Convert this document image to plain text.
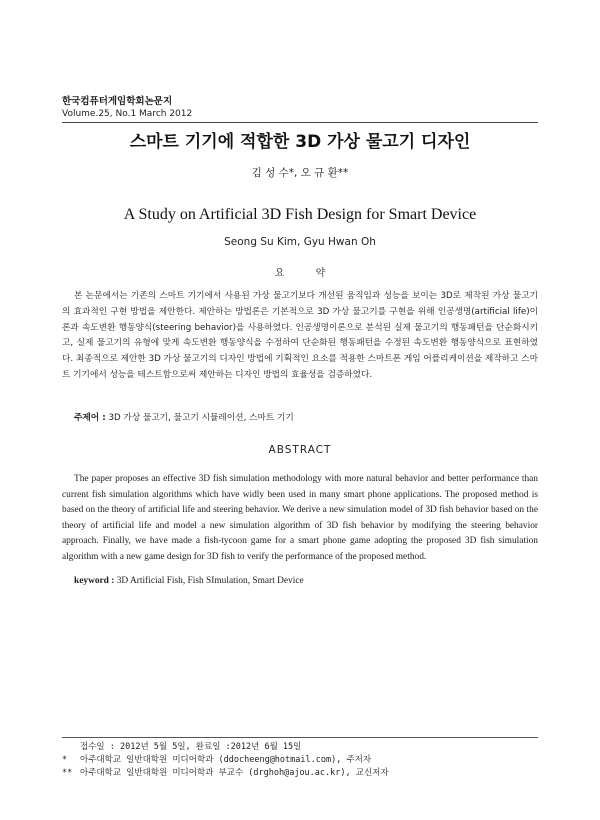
한국컴퓨터게임학회논문지
Volume.25, No.1 March 2012
스마트 기기에 적합한 3D 가상 물고기 디자인
김 성 수*, 오 규 환**
A Study on Artificial 3D Fish Design for Smart Device
Seong Su Kim, Gyu Hwan Oh
요 약

본 논문에서는 기존의 스마트 기기에서 사용된 가상 물고기보다 개선된 움직임과 성능을 보이는 3D로 제작된 가상 물고기의 효과적인 구현 방법을 제안한다. 제안하는 방법론은 기본적으로 3D 가상 물고기를 구현을 위해 인공생명(artificial life)이론과 속도변환 행동양식(steering behavior)을 사용하였다. 인공생명이론으로 분석된 실제 물고기의 행동패턴을 단순화시키고, 실제 물고기의 유형에 맞게 속도변환 행동양식을 수정하여 단순화된 행동패턴을 수정된 속도변환 행동양식으로 표현하였다. 최종적으로 제안한 3D 가상 물고기의 디자인 방법에 기획적인 요소를 적용한 스마트폰 게임 어플리케이션을 제작하고 스마트 기기에서 성능을 테스트함으로써 제안하는 디자인 방법의 효율성을 검증하였다.

주제어 : 3D 가상 물고기, 물고기 시뮬레이션, 스마트 기기
ABSTRACT

The paper proposes an effective 3D fish simulation methodology with more natural behavior and better performance than current fish simulation algorithms which have widly been used in many smart phone applications. The proposed method is based on the theory of artificial life and steering behavior. We derive a new simulation model of 3D fish behavior based on the theory of artificial life and model a new simulation algorithm of 3D fish behavior by modifying the steering behavior approach. Finally, we have made a fish-tycoon game for a smart phone game adopting the proposed 3D fish simulation algorithm with a new game design for 3D fish to verify the performance of the proposed method.

keyword : 3D Artificial Fish, Fish SImulation, Smart Device
접수일 : 2012년 5월 5일, 완료일 :2012년 6월 15일
* 아주대학교 일반대학원 미디어학과 (ddocheeng@hotmail.com), 주저자
** 아주대학교 일반대학원 미디어학과 부교수 (drghoh@ajou.ac.kr), 교신저자
